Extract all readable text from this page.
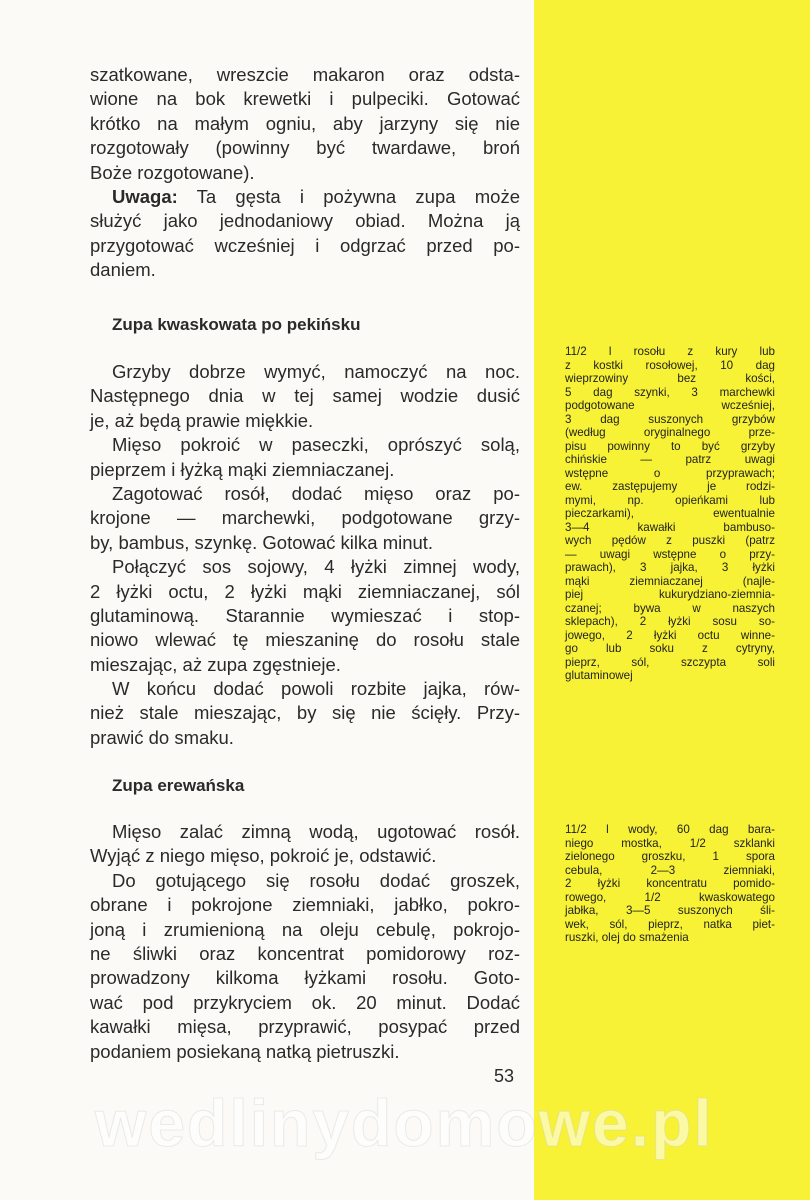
szatkowane, wreszcie makaron oraz odsta-
wione na bok krewetki i pulpeciki. Gotować
krótko na małym ogniu, aby jarzyny się nie
rozgotowały (powinny być twardawe, broń
Boże rozgotowane).
Uwaga: Ta gęsta i pożywna zupa może
służyć jako jednodaniowy obiad. Można ją
przygotować wcześniej i odgrzać przed po-
daniem.
Zupa kwaskowata po pekińsku
Grzyby dobrze wymyć, namoczyć na noc.
Następnego dnia w tej samej wodzie dusić
je, aż będą prawie miękkie.
Mięso pokroić w paseczki, oprószyć solą,
pieprzem i łyżką mąki ziemniaczanej.
Zagotować rosół, dodać mięso oraz po-
krojone — marchewki, podgotowane grzy-
by, bambus, szynkę. Gotować kilka minut.
Połączyć sos sojowy, 4 łyżki zimnej wody,
2 łyżki octu, 2 łyżki mąki ziemniaczanej, sól
glutaminową. Starannie wymieszać i stop-
niowo wlewać tę mieszaninę do rosołu stale
mieszając, aż zupa zgęstnieje.
W końcu dodać powoli rozbite jajka, rów-
nież stale mieszając, by się nie ścięły. Przy-
prawić do smaku.
Zupa erewańska
Mięso zalać zimną wodą, ugotować rosół.
Wyjąć z niego mięso, pokroić je, odstawić.
Do gotującego się rosołu dodać groszek,
obrane i pokrojone ziemniaki, jabłko, pokro-
joną i zrumienioną na oleju cebulę, pokrojo-
ne śliwki oraz koncentrat pomidorowy roz-
prowadzony kilkoma łyżkami rosołu. Goto-
wać pod przykryciem ok. 20 minut. Dodać
kawałki mięsa, przyprawić, posypać przed
podaniem posiekaną natką pietruszki.
11/2 l rosołu z kury lub
z kostki rosołowej, 10 dag
wieprzowiny bez kości,
5 dag szynki, 3 marchewki
podgotowane wcześniej,
3 dag suszonych grzybów
(według oryginalnego prze-
pisu powinny to być grzyby
chińskie — patrz uwagi
wstępne o przyprawach;
ew. zastępujemy je rodzi-
mymi, np. opieńkami lub
pieczarkami), ewentualnie
3—4 kawałki bambuso-
wych pędów z puszki (patrz
— uwagi wstępne o przy-
prawach), 3 jajka, 3 łyżki
mąki ziemniaczanej (najle-
piej kukurydziano-ziemnia-
czanej; bywa w naszych
sklepach), 2 łyżki sosu so-
jowego, 2 łyżki octu winne-
go lub soku z cytryny,
pieprz, sól, szczypta soli
glutaminowej
11/2 l wody, 60 dag bara-
niego mostka, 1/2 szklanki
zielonego groszku, 1 spora
cebula, 2—3 ziemniaki,
2 łyżki koncentratu pomido-
rowego, 1/2 kwaskowatego
jabłka, 3—5 suszonych śli-
wek, sól, pieprz, natka piet-
ruszki, olej do smażenia
53
wedlinydomowe.pl
